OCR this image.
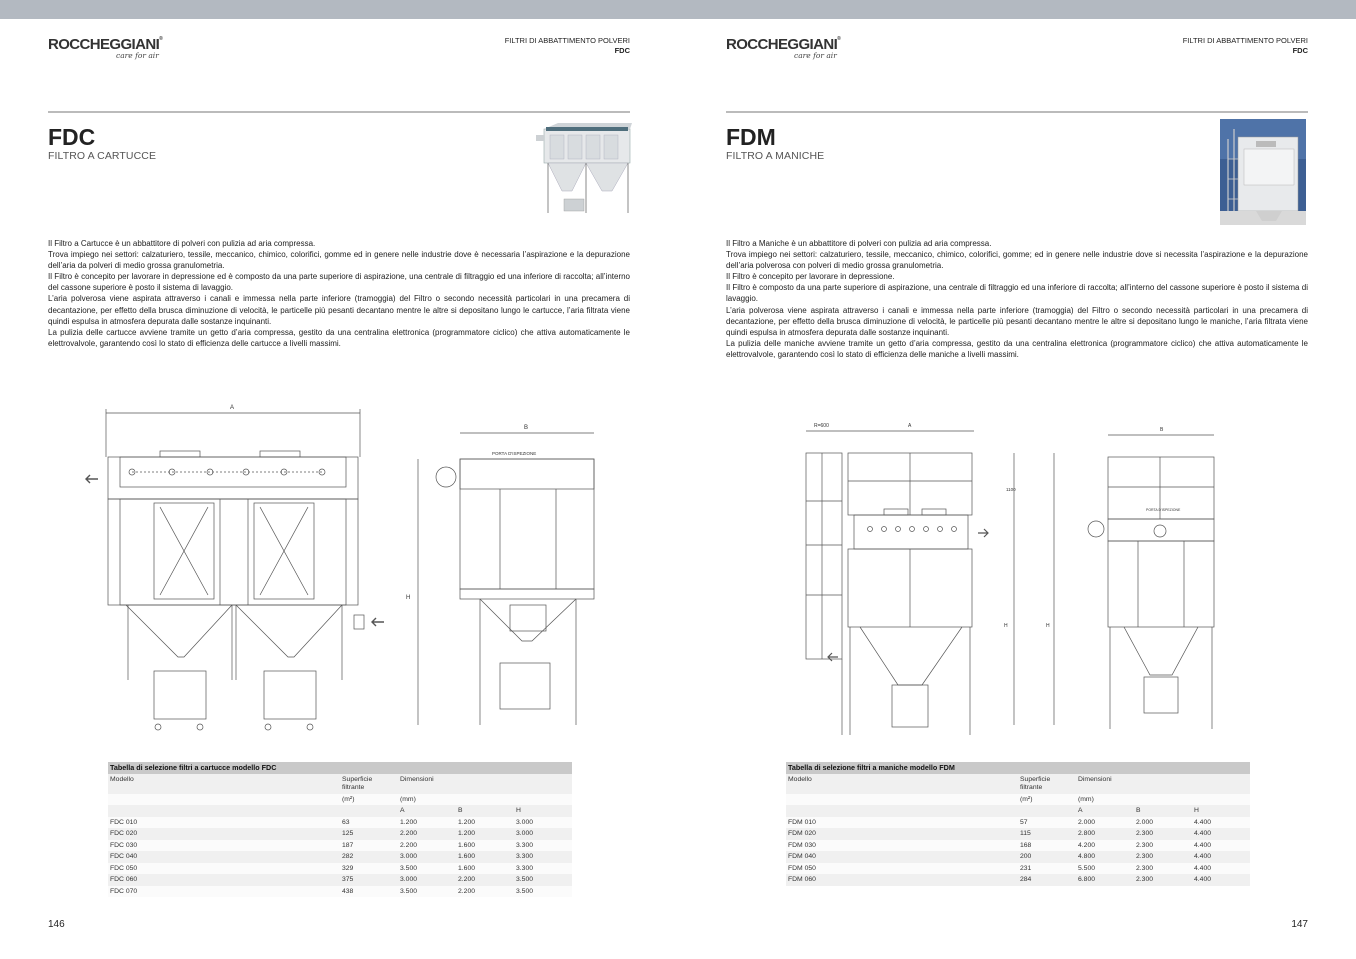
ROCCHEGGIANI®
care for air
FILTRI DI ABBATTIMENTO POLVERI
FDC
FDC
FILTRO A CARTUCCE

Il Filtro a Cartucce è un abbattitore di polveri con pulizia ad aria compressa.

Trova impiego nei settori: calzaturiero, tessile, meccanico, chimico, colorifici, gomme ed in genere nelle industrie dove è necessaria l’aspirazione e la depurazione dell’aria da polveri di medio grossa granulometria.

Il Filtro è concepito per lavorare in depressione ed è composto da una parte superiore di aspirazione, una centrale di filtraggio ed una inferiore di raccolta; all’interno del cassone superiore è posto il sistema di lavaggio.

L’aria polverosa viene aspirata attraverso i canali e immessa nella parte inferiore (tramoggia) del Filtro o secondo necessità particolari in una precamera di decantazione, per effetto della brusca diminuzione di velocità, le particelle più pesanti decantano mentre le altre si depositano lungo le cartucce, l’aria filtrata viene quindi espulsa in atmosfera depurata dalle sostanze inquinanti.

La pulizia delle cartucce avviene tramite un getto d’aria compressa, gestito da una centralina elettronica (programmatore ciclico) che attiva automaticamente le elettrovalvole, garantendo così lo stato di efficienza delle cartucce a livelli massimi.

A
B
PORTA D'ISPEZIONE
H
Tabella di selezione filtri a cartucce modello FDC				
Modello	Superficie filtrante	Dimensioni		
	(m²)	(mm)		
		A	B	H
FDC 010	63	1.200	1.200	3.000
FDC 020	125	2.200	1.200	3.000
FDC 030	187	2.200	1.600	3.300
FDC 040	282	3.000	1.600	3.300
FDC 050	329	3.500	1.600	3.300
FDC 060	375	3.000	2.200	3.500
FDC 070	438	3.500	2.200	3.500
146
ROCCHEGGIANI®
care for air
FILTRI DI ABBATTIMENTO POLVERI
FDC
FDM
FILTRO A MANICHE

Il Filtro a Maniche è un abbattitore di polveri con pulizia ad aria compressa.

Trova impiego nei settori: calzaturiero, tessile, meccanico, chimico, colorifici, gomme; ed in genere nelle industrie dove si necessita l’aspirazione e la depurazione dell’aria polverosa con polveri di medio grossa granulometria.

Il Filtro è concepito per lavorare in depressione.

Il Filtro è composto da una parte superiore di aspirazione, una centrale di filtraggio ed una inferiore di raccolta; all’interno del cassone superiore è posto il sistema di lavaggio.

L’aria polverosa viene aspirata attraverso i canali e immessa nella parte inferiore (tramoggia) del Filtro o secondo necessità particolari in una precamera di decantazione, per effetto della brusca diminuzione di velocità, le particelle più pesanti decantano mentre le altre si depositano lungo le maniche, l’aria filtrata viene quindi espulsa in atmosfera depurata dalle sostanze inquinanti.

La pulizia delle maniche avviene tramite un getto d’aria compressa, gestito da una centralina elettronica (programmatore ciclico) che attiva automaticamente le elettrovalvole, garantendo così lo stato di efficienza delle maniche a livelli massimi.

R=600	A
1100
H	H
B
PORTA D'ISPEZIONE
Tabella di selezione filtri a maniche modello FDM				
Modello	Superficie filtrante	Dimensioni		
	(m²)	(mm)		
		A	B	H
FDM 010	57	2.000	2.000	4.400
FDM 020	115	2.800	2.300	4.400
FDM 030	168	4.200	2.300	4.400
FDM 040	200	4.800	2.300	4.400
FDM 050	231	5.500	2.300	4.400
FDM 060	284	6.800	2.300	4.400
147
